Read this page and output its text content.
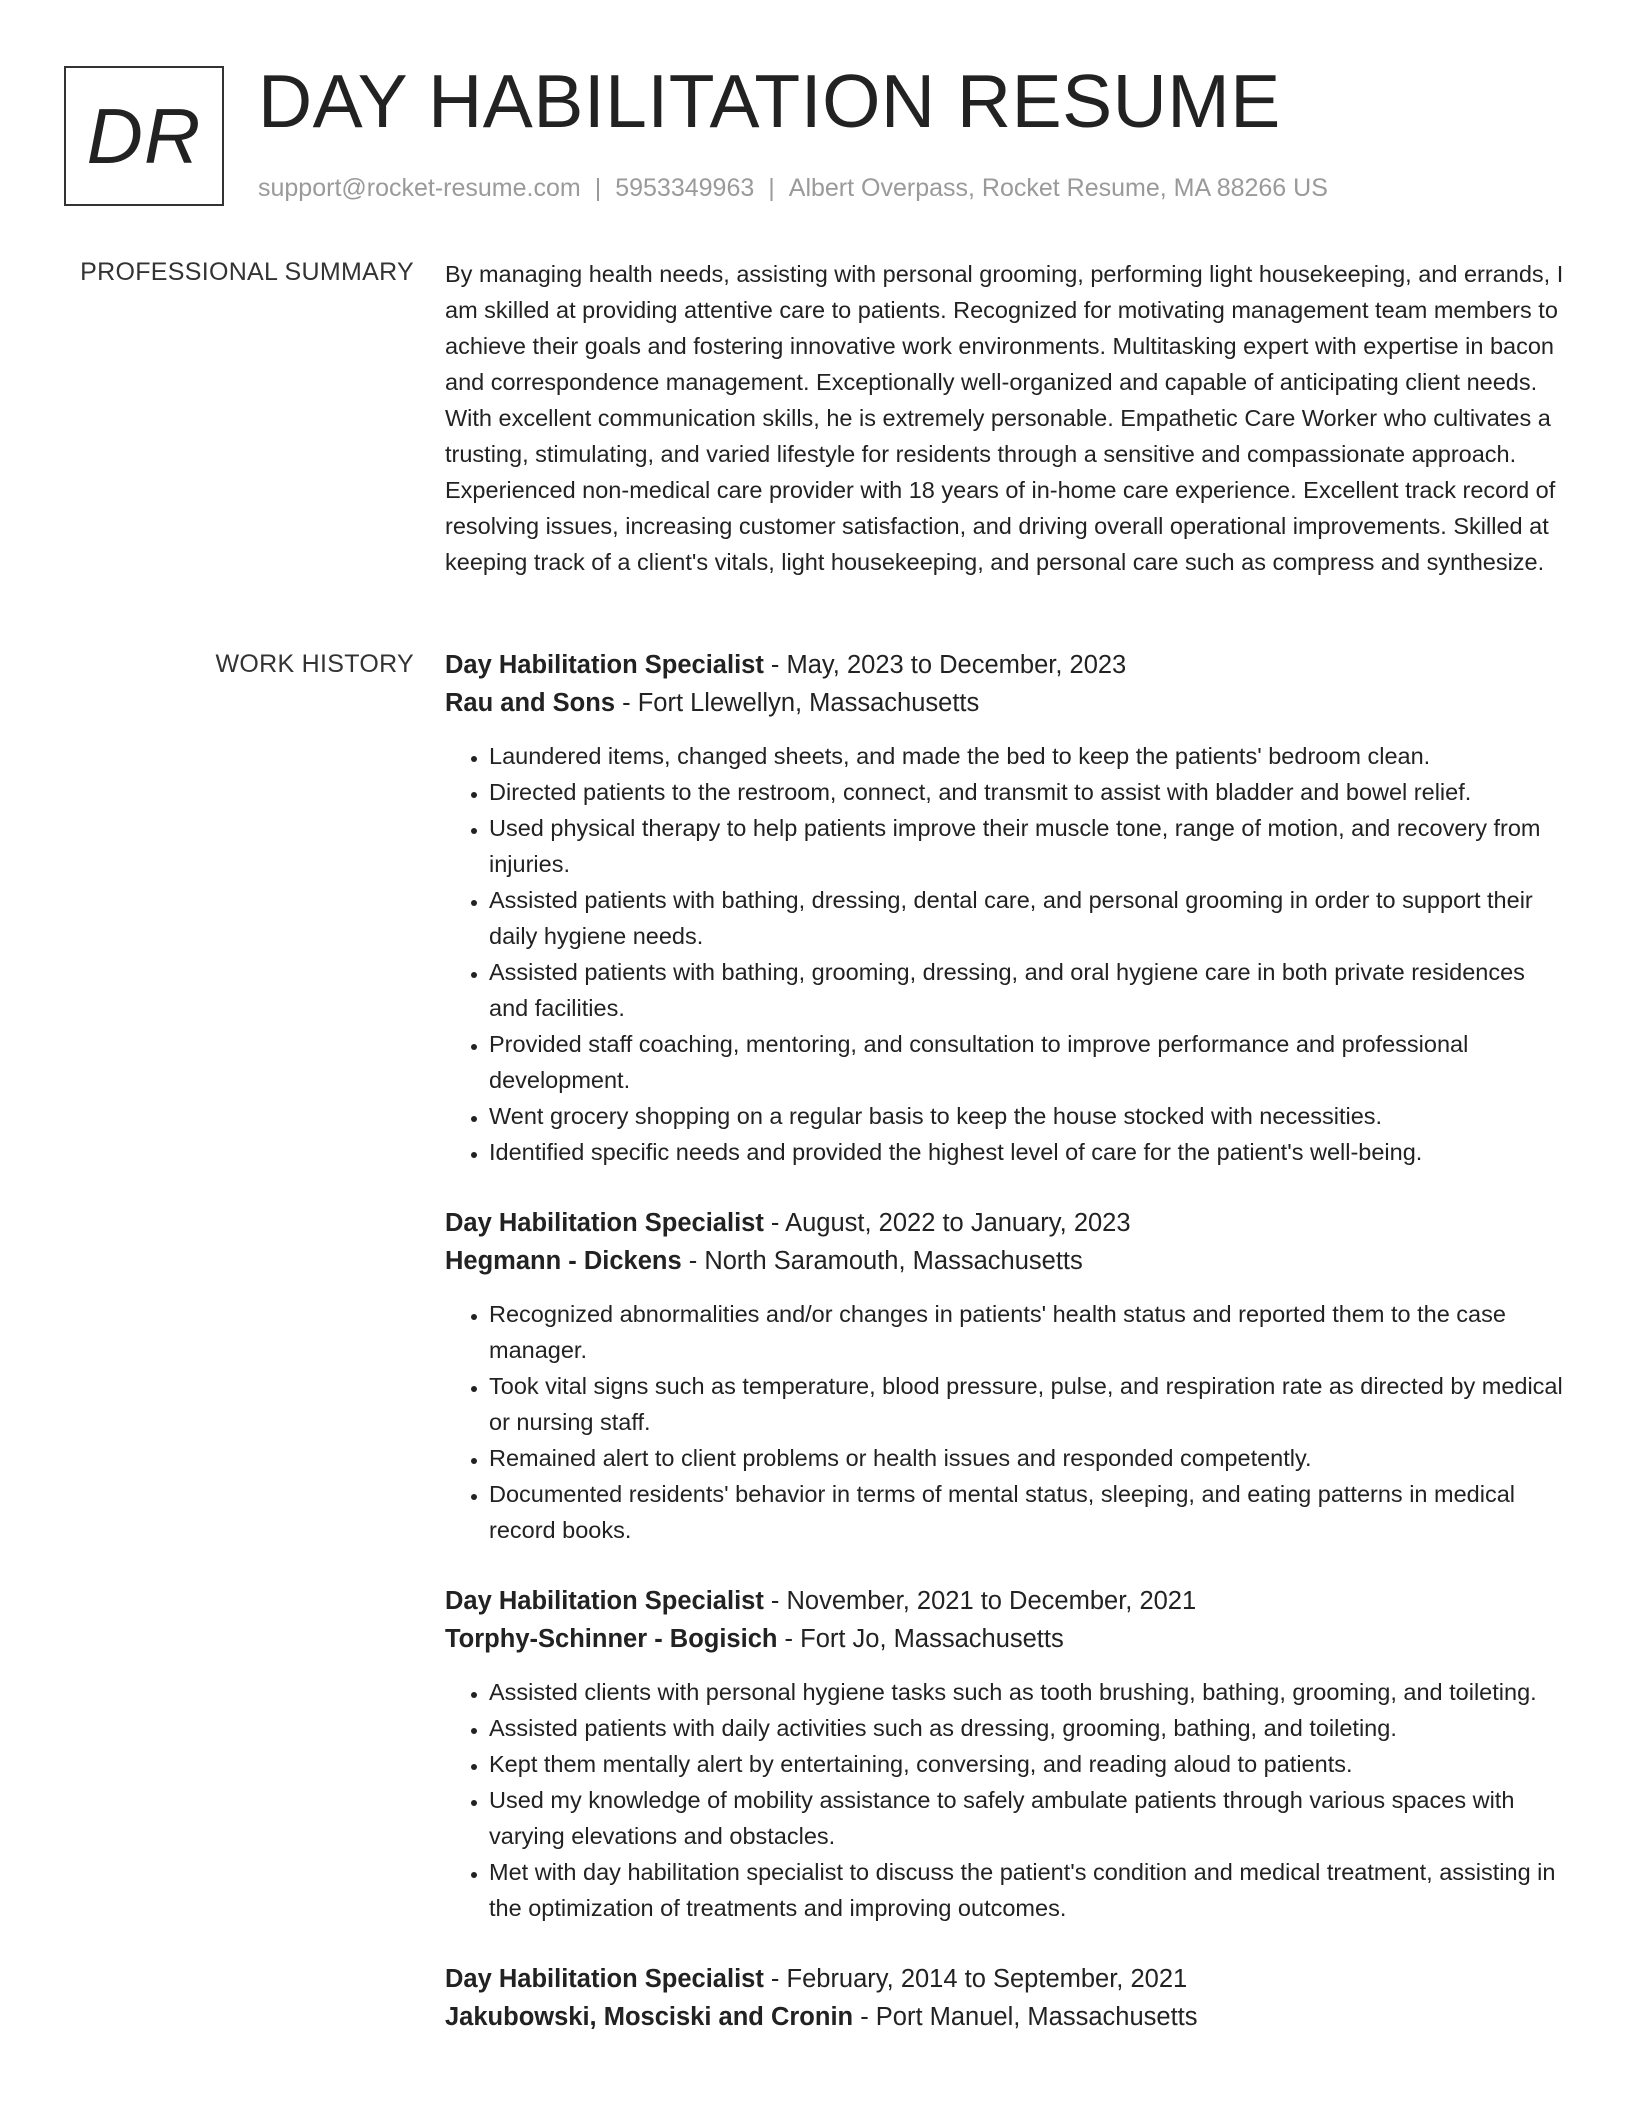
DR DAY HABILITATION RESUME
support@rocket-resume.com | 5953349963 | Albert Overpass, Rocket Resume, MA 88266 US
PROFESSIONAL SUMMARY By managing health needs, assisting with personal grooming, performing light housekeeping, and errands, I am skilled at providing attentive care to patients. Recognized for motivating management team members to achieve their goals and fostering innovative work environments. Multitasking expert with expertise in bacon and correspondence management. Exceptionally well-organized and capable of anticipating client needs. With excellent communication skills, he is extremely personable. Empathetic Care Worker who cultivates a trusting, stimulating, and varied lifestyle for residents through a sensitive and compassionate approach. Experienced non-medical care provider with 18 years of in-home care experience. Excellent track record of resolving issues, increasing customer satisfaction, and driving overall operational improvements. Skilled at keeping track of a client's vitals, light housekeeping, and personal care such as compress and synthesize.

WORK HISTORY Day Habilitation Specialist - May, 2023 to December, 2023
Rau and Sons - Fort Llewellyn, Massachusetts
• Laundered items, changed sheets, and made the bed to keep the patients' bedroom clean.
• Directed patients to the restroom, connect, and transmit to assist with bladder and bowel relief.
• Used physical therapy to help patients improve their muscle tone, range of motion, and recovery from injuries.
• Assisted patients with bathing, dressing, dental care, and personal grooming in order to support their daily hygiene needs.
• Assisted patients with bathing, grooming, dressing, and oral hygiene care in both private residences and facilities.
• Provided staff coaching, mentoring, and consultation to improve performance and professional development.
• Went grocery shopping on a regular basis to keep the house stocked with necessities.
• Identified specific needs and provided the highest level of care for the patient's well-being.
Day Habilitation Specialist - August, 2022 to January, 2023
Hegmann - Dickens - North Saramouth, Massachusetts
• Recognized abnormalities and/or changes in patients' health status and reported them to the case manager.
• Took vital signs such as temperature, blood pressure, pulse, and respiration rate as directed by medical or nursing staff.
• Remained alert to client problems or health issues and responded competently.
• Documented residents' behavior in terms of mental status, sleeping, and eating patterns in medical record books.
Day Habilitation Specialist - November, 2021 to December, 2021
Torphy-Schinner - Bogisich - Fort Jo, Massachusetts
• Assisted clients with personal hygiene tasks such as tooth brushing, bathing, grooming, and toileting.
• Assisted patients with daily activities such as dressing, grooming, bathing, and toileting.
• Kept them mentally alert by entertaining, conversing, and reading aloud to patients.
• Used my knowledge of mobility assistance to safely ambulate patients through various spaces with varying elevations and obstacles.
• Met with day habilitation specialist to discuss the patient's condition and medical treatment, assisting in the optimization of treatments and improving outcomes.
Day Habilitation Specialist - February, 2014 to September, 2021
Jakubowski, Mosciski and Cronin - Port Manuel, Massachusetts
